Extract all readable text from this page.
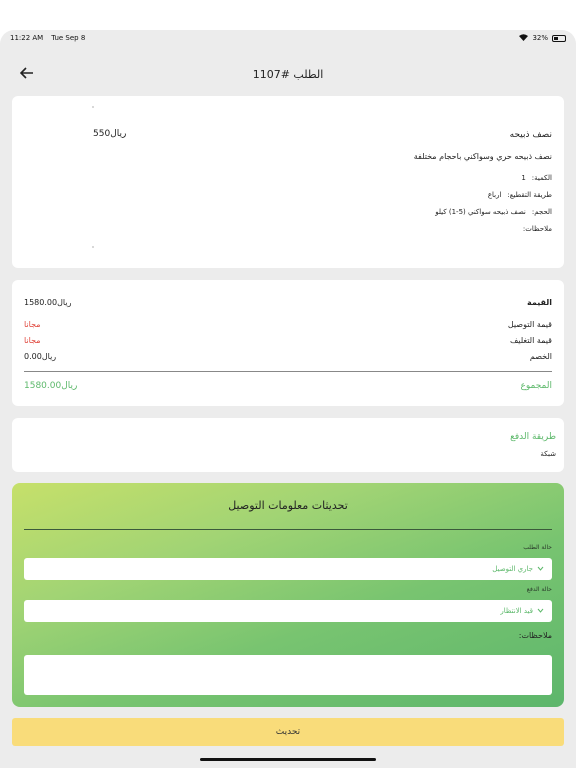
11:22 AM Tue Sep 8	32%
الطلب #1107
نصف ذبيحه
550ريال
نصف ذبيحه حري وسواكني باحجام مختلفة
الكمية:
1
طريقة التقطيع:
ارباع
الحجم:
نصف ذبيحه سواكني (5-1) كيلو
ملاحظات:
1580.00ريال	القيمة
مجانا	قيمة التوصيل
مجانا	قيمة التغليف
0.00ريال	الخصم
1580.00ريال	المجموع
طريقة الدفع
شبكة
تحديثات معلومات التوصيل
حالة الطلب
جاري التوصيل
حالة الدفع
قيد الانتظار
ملاحظات:
تحديث
